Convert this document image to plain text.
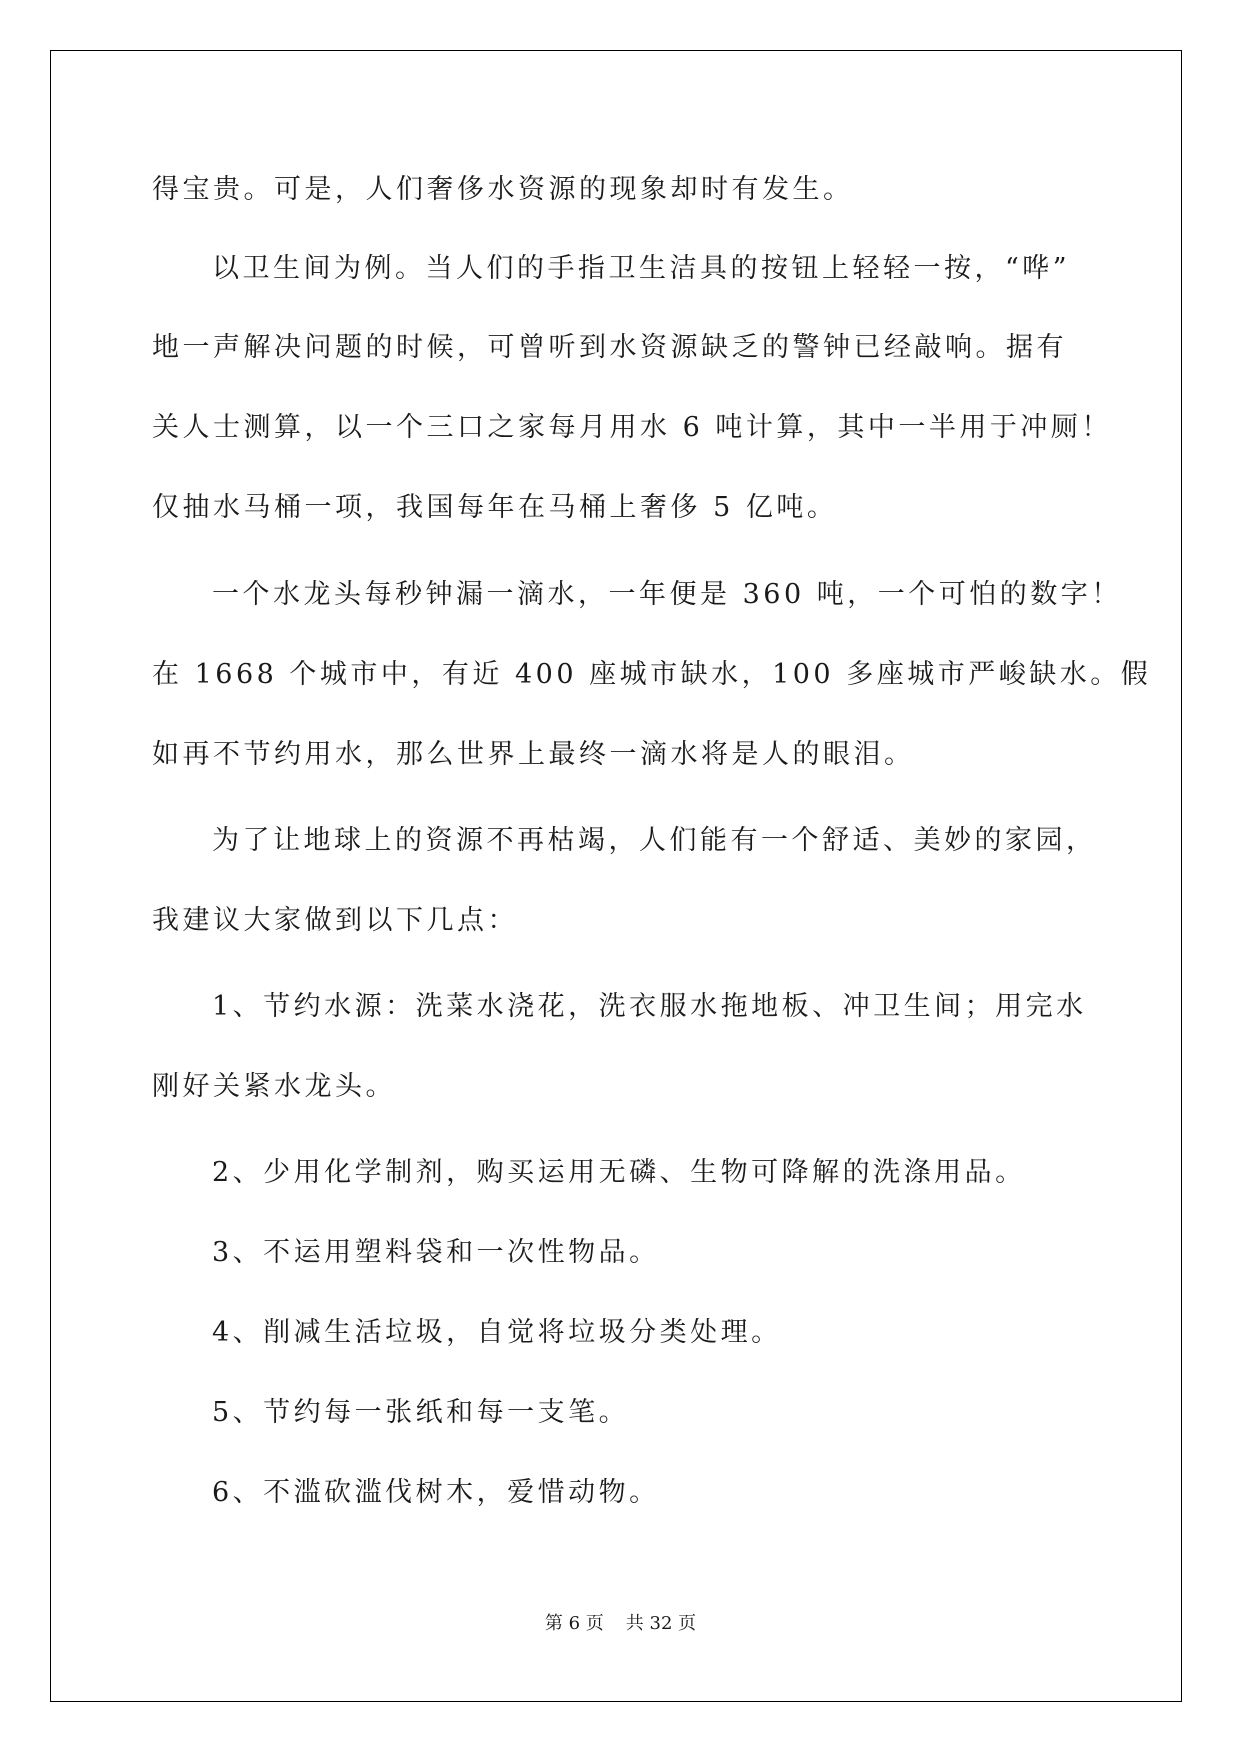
得宝贵。可是，人们奢侈水资源的现象却时有发生。
以卫生间为例。当人们的手指卫生洁具的按钮上轻轻一按，“哗”
地一声解决问题的时候，可曾听到水资源缺乏的警钟已经敲响。据有
关人士测算，以一个三口之家每月用水 6 吨计算，其中一半用于冲厕！
仅抽水马桶一项，我国每年在马桶上奢侈 5 亿吨。
一个水龙头每秒钟漏一滴水，一年便是 360 吨，一个可怕的数字！
在 1668 个城市中，有近 400 座城市缺水，100 多座城市严峻缺水。假
如再不节约用水，那么世界上最终一滴水将是人的眼泪。
为了让地球上的资源不再枯竭，人们能有一个舒适、美妙的家园，
我建议大家做到以下几点：
1、节约水源：洗菜水浇花，洗衣服水拖地板、冲卫生间；用完水
刚好关紧水龙头。
2、少用化学制剂，购买运用无磷、生物可降解的洗涤用品。
3、不运用塑料袋和一次性物品。
4、削减生活垃圾，自觉将垃圾分类处理。
5、节约每一张纸和每一支笔。
6、不滥砍滥伐树木，爱惜动物。
第 6 页 共 32 页
